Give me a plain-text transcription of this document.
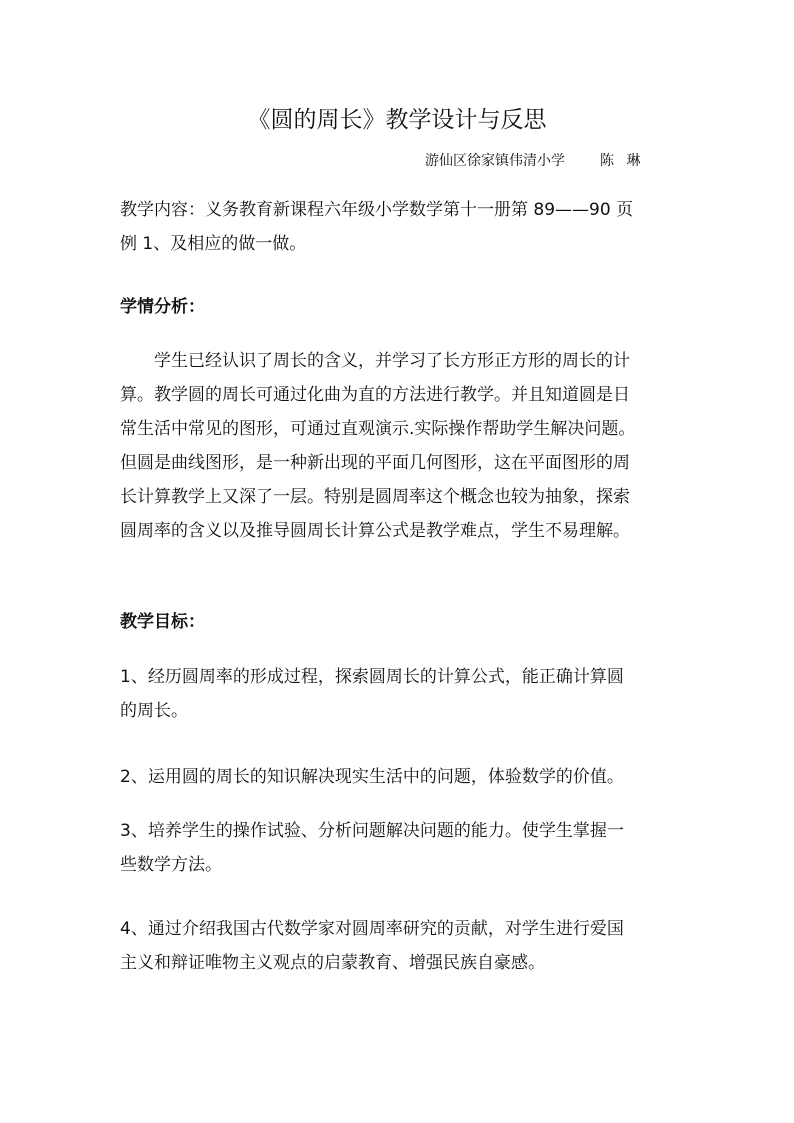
《圆的周长》教学设计与反思
游仙区徐家镇伟清小学	陈 琳
教学内容：义务教育新课程六年级小学数学第十一册第 89——90 页
例 1、及相应的做一做。
学情分析：
学生已经认识了周长的含义，并学习了长方形正方形的周长的计
算。教学圆的周长可通过化曲为直的方法进行教学。并且知道圆是日
常生活中常见的图形，可通过直观演示.实际操作帮助学生解决问题。
但圆是曲线图形，是一种新出现的平面几何图形，这在平面图形的周
长计算教学上又深了一层。特别是圆周率这个概念也较为抽象，探索
圆周率的含义以及推导圆周长计算公式是教学难点，学生不易理解。
教学目标：
1、经历圆周率的形成过程，探索圆周长的计算公式，能正确计算圆
的周长。
2、运用圆的周长的知识解决现实生活中的问题，体验数学的价值。
3、培养学生的操作试验、分析问题解决问题的能力。使学生掌握一
些数学方法。
4、通过介绍我国古代数学家对圆周率研究的贡献，对学生进行爱国
主义和辩证唯物主义观点的启蒙教育、增强民族自豪感。
